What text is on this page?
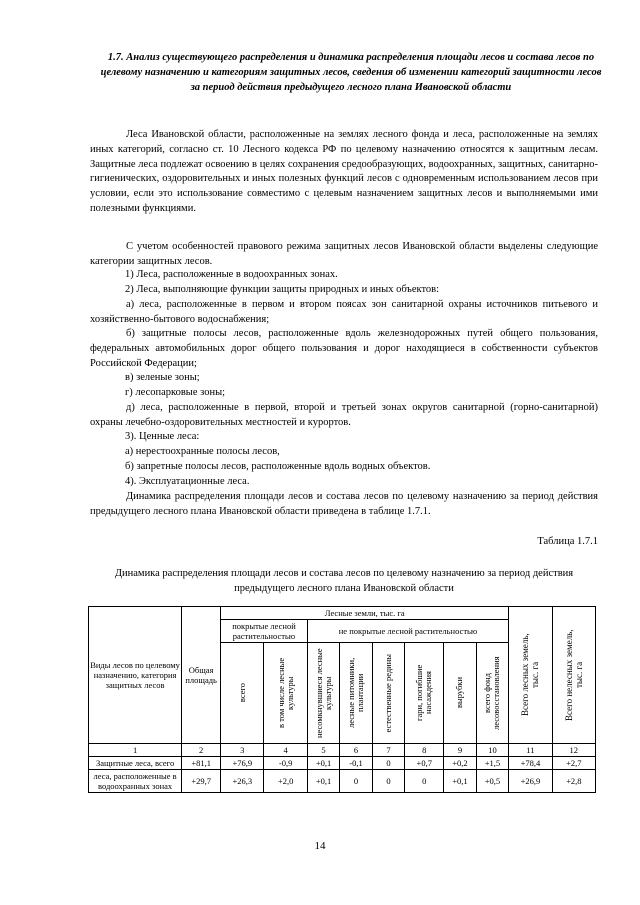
1.7. Анализ существующего распределения и динамика распределения площади лесов и состава лесов по целевому назначению и категориям защитных лесов, сведения об изменении категорий защитности лесов за период действия предыдущего лесного плана Ивановской области
Леса Ивановской области, расположенные на землях лесного фонда и леса, расположенные на землях иных категорий, согласно ст. 10 Лесного кодекса РФ по целевому назначению относятся к защитным лесам. Защитные леса подлежат освоению в целях сохранения средообразующих, водоохранных, защитных, санитарно-гигиенических, оздоровительных и иных полезных функций лесов с одновременным использованием лесов при условии, если это использование совместимо с целевым назначением защитных лесов и выполняемыми ими полезными функциями.
С учетом особенностей правового режима защитных лесов Ивановской области выделены следующие категории защитных лесов.
1) Леса, расположенные в водоохранных зонах.
2) Леса, выполняющие функции защиты природных и иных объектов:
а) леса, расположенные в первом и втором поясах зон санитарной охраны источников питьевого и хозяйственно-бытового водоснабжения;
б) защитные полосы лесов, расположенные вдоль железнодорожных путей общего пользования, федеральных автомобильных дорог общего пользования и дорог находящиеся в собственности субъектов Российской Федерации;
в) зеленые зоны;
г) лесопарковые зоны;
д) леса, расположенные в первой, второй и третьей зонах округов санитарной (горно-санитарной) охраны лечебно-оздоровительных местностей и курортов.
3). Ценные леса:
а) нерестоохранные полосы лесов,
б) запретные полосы лесов, расположенные вдоль водных объектов.
4). Эксплуатационные леса.
Динамика распределения площади лесов и состава лесов по целевому назначению за период действия предыдущего лесного плана Ивановской области приведена в таблице 1.7.1.
Таблица 1.7.1
Динамика распределения площади лесов и состава лесов по целевому назначению за период действия предыдущего лесного плана Ивановской области
Виды лесов по целевому назначению, категория защитных лесов	Общая площадь	Лесные земли, тыс. га								Всего лесных земель, тыс. га	Всего нелесных земель, тыс. га

		покрытые лесной растительностью		не покрытые лесной растительностью							

		всего	в том числе лесные культуры	несомкнувшиеся лесные культуры	лесные питомники, плантации	естественные редины	гари, погибшие насаждения	вырубки	всего фонд лесовосстановления		

1	2	3	4	5	6	7	8	9	10	11	12
Защитные леса, всего	+81,1	+76,9	-0,9	+0,1	-0,1	0	+0,7	+0,2	+1,5	+78,4	+2,7
леса, расположенные в водоохранных зонах	+29,7	+26,3	+2,0	+0,1	0	0	0	+0,1	+0,5	+26,9	+2,8
14
